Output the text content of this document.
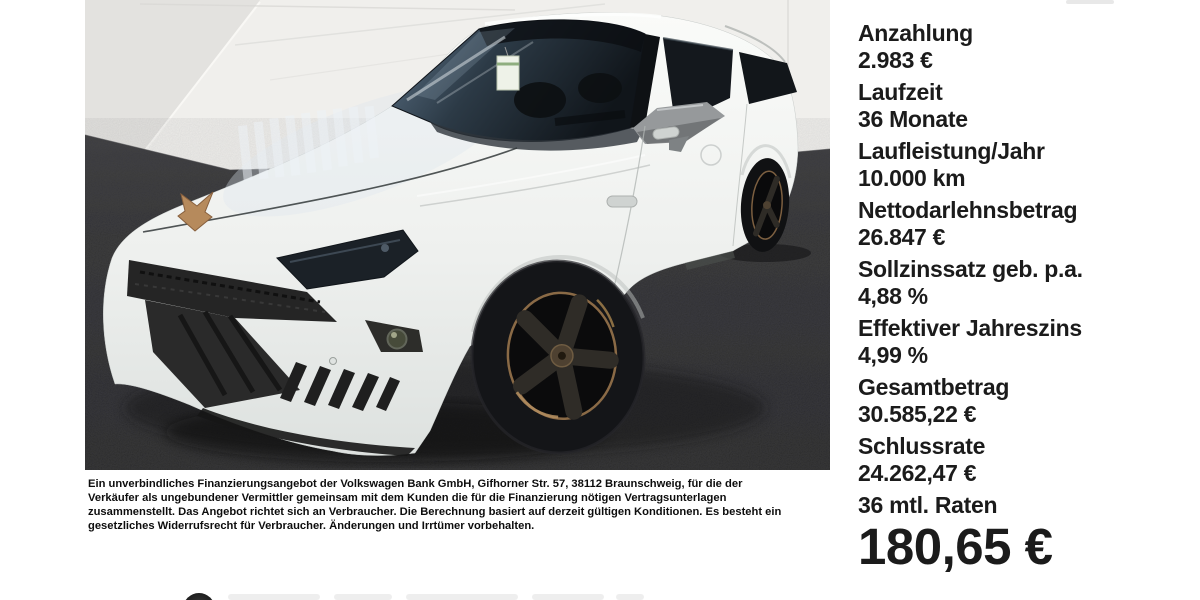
Anzahlung
2.983 €
Laufzeit
36 Monate
Laufleistung/Jahr
10.000 km
Nettodarlehnsbetrag
26.847 €
Sollzinssatz geb. p.a.
4,88 %
Effektiver Jahreszins
4,99 %
Gesamtbetrag
30.585,22 €
Schlussrate
24.262,47 €
36 mtl. Raten
180,65 €
Ein unverbindliches Finanzierungsangebot der Volkswagen Bank GmbH, Gifhorner Str. 57, 38112 Braunschweig, für die der
Verkäufer als ungebundener Vermittler gemeinsam mit dem Kunden die für die Finanzierung nötigen Vertragsunterlagen
zusammenstellt. Das Angebot richtet sich an Verbraucher. Die Berechnung basiert auf derzeit gültigen Konditionen. Es besteht ein
gesetzliches Widerrufsrecht für Verbraucher. Änderungen und Irrtümer vorbehalten.
